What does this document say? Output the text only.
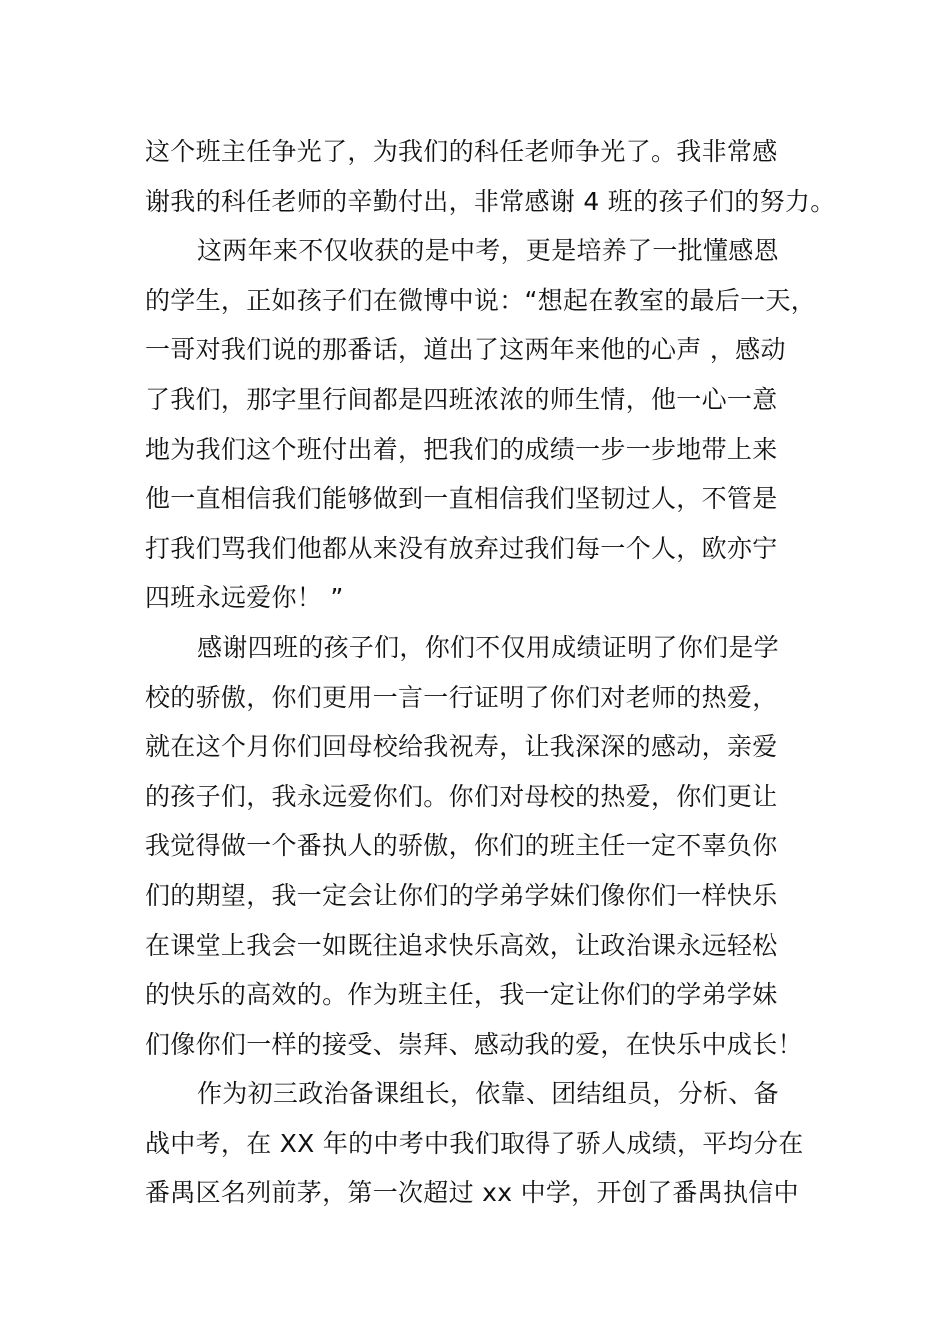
这个班主任争光了，为我们的科任老师争光了。我非常感
谢我的科任老师的辛勤付出，非常感谢 4 班的孩子们的努力。
这两年来不仅收获的是中考，更是培养了一批懂感恩
的学生，正如孩子们在微博中说：“想起在教室的最后一天，
一哥对我们说的那番话，道出了这两年来他的心声 ，感动
了我们，那字里行间都是四班浓浓的师生情，他一心一意
地为我们这个班付出着，把我们的成绩一步一步地带上来
他一直相信我们能够做到一直相信我们坚韧过人，不管是
打我们骂我们他都从来没有放弃过我们每一个人，欧亦宁
四班永远爱你！ ”
感谢四班的孩子们，你们不仅用成绩证明了你们是学
校的骄傲，你们更用一言一行证明了你们对老师的热爱，
就在这个月你们回母校给我祝寿，让我深深的感动，亲爱
的孩子们，我永远爱你们。你们对母校的热爱，你们更让
我觉得做一个番执人的骄傲，你们的班主任一定不辜负你
们的期望，我一定会让你们的学弟学妹们像你们一样快乐
在课堂上我会一如既往追求快乐高效，让政治课永远轻松
的快乐的高效的。作为班主任，我一定让你们的学弟学妹
们像你们一样的接受、崇拜、感动我的爱，在快乐中成长！
作为初三政治备课组长，依靠、团结组员，分析、备
战中考，在 XX 年的中考中我们取得了骄人成绩，平均分在
番禺区名列前茅，第一次超过 xx 中学，开创了番禺执信中
